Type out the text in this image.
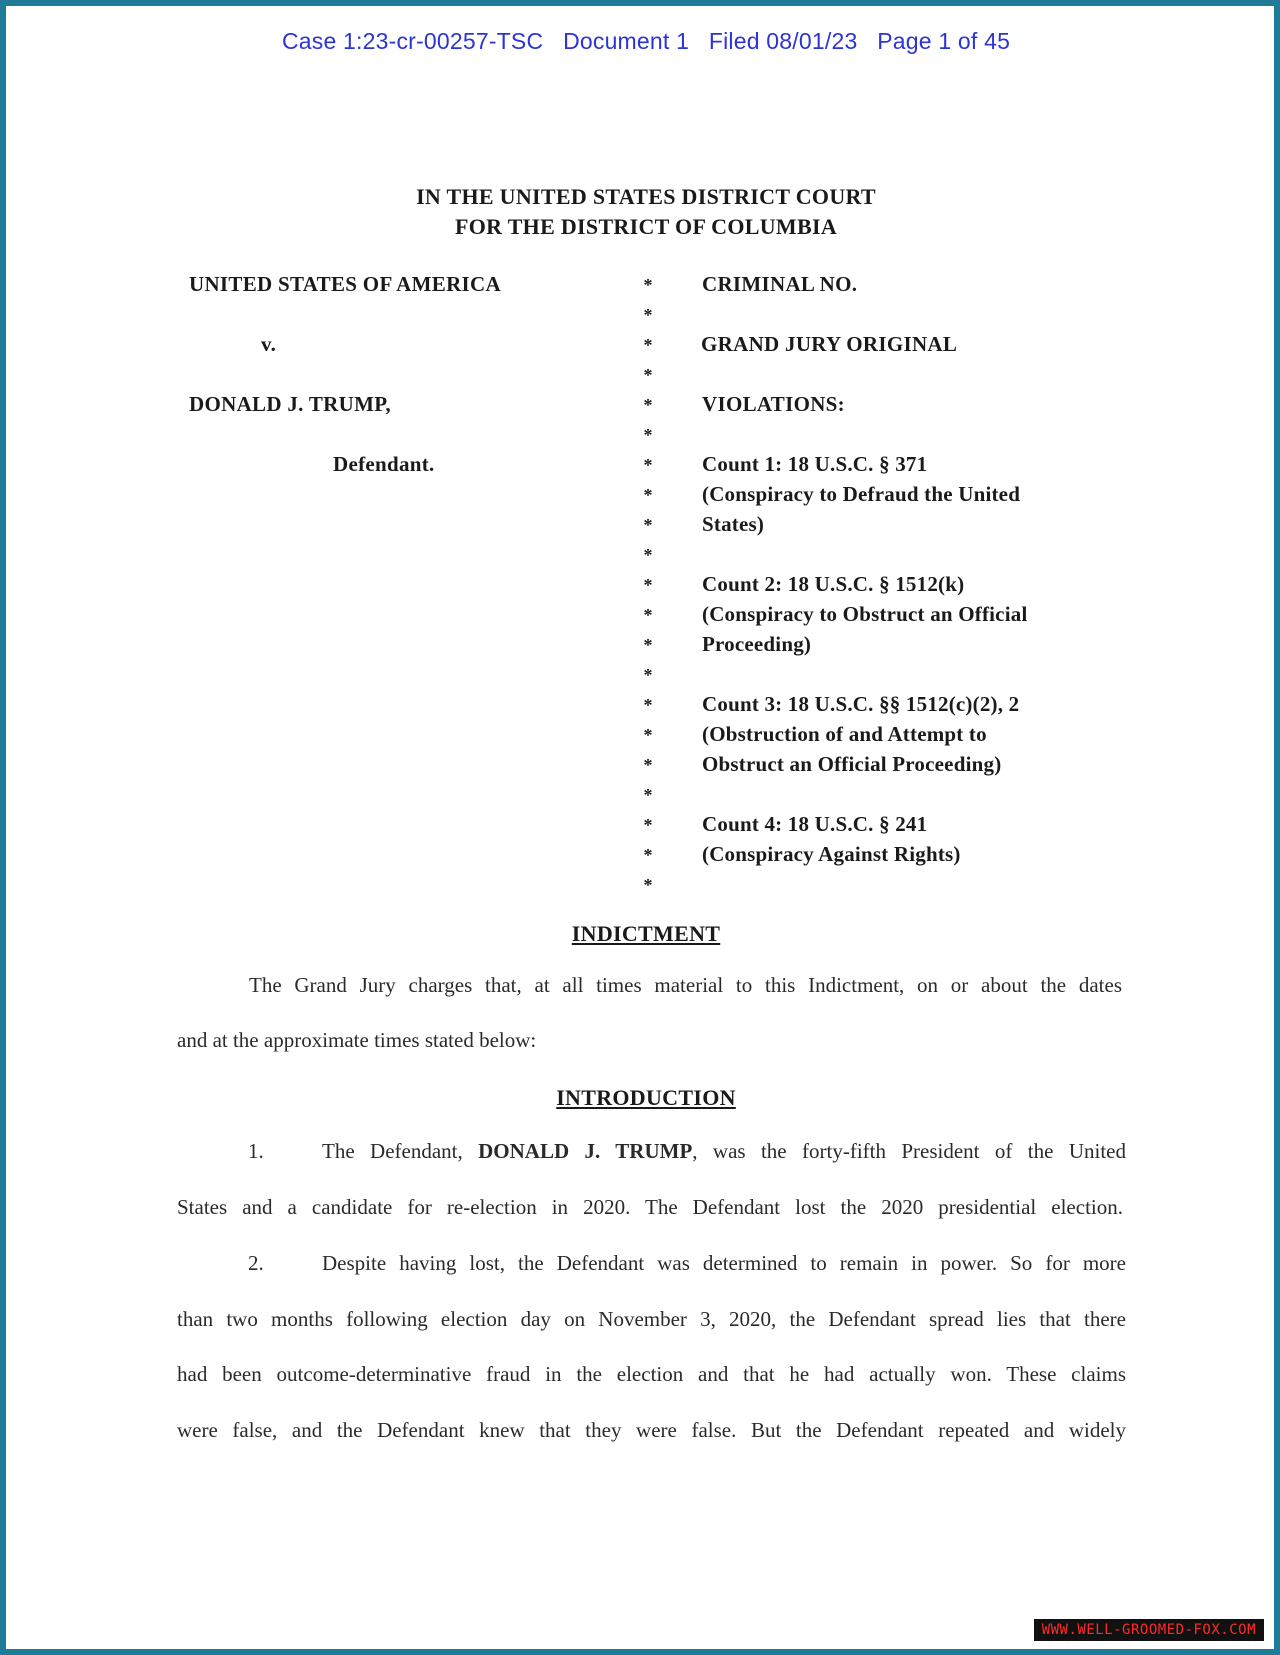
Case 1:23-cr-00257-TSC Document 1 Filed 08/01/23 Page 1 of 45
IN THE UNITED STATES DISTRICT COURT
FOR THE DISTRICT OF COLUMBIA
UNITED STATES OF AMERICA
v.
DONALD J. TRUMP,
Defendant.
*
*
*
*
*
*
*
*
*
*
*
*
*
*
*
*
*
*
*
*
*
CRIMINAL NO.
GRAND JURY ORIGINAL
VIOLATIONS:
Count 1: 18 U.S.C. § 371
(Conspiracy to Defraud the United
States)
Count 2: 18 U.S.C. § 1512(k)
(Conspiracy to Obstruct an Official
Proceeding)
Count 3: 18 U.S.C. §§ 1512(c)(2), 2
(Obstruction of and Attempt to
Obstruct an Official Proceeding)
Count 4: 18 U.S.C. § 241
(Conspiracy Against Rights)
INDICTMENT
The Grand Jury charges that, at all times material to this Indictment, on or about the dates
and at the approximate times stated below:
INTRODUCTION
1.	The Defendant, DONALD J. TRUMP, was the forty-fifth President of the United
States and a candidate for re-election in 2020. The Defendant lost the 2020 presidential election.
2.	Despite having lost, the Defendant was determined to remain in power. So for more
than two months following election day on November 3, 2020, the Defendant spread lies that there
had been outcome-determinative fraud in the election and that he had actually won. These claims
were false, and the Defendant knew that they were false. But the Defendant repeated and widely
WWW.WELL-GROOMED-FOX.COM
